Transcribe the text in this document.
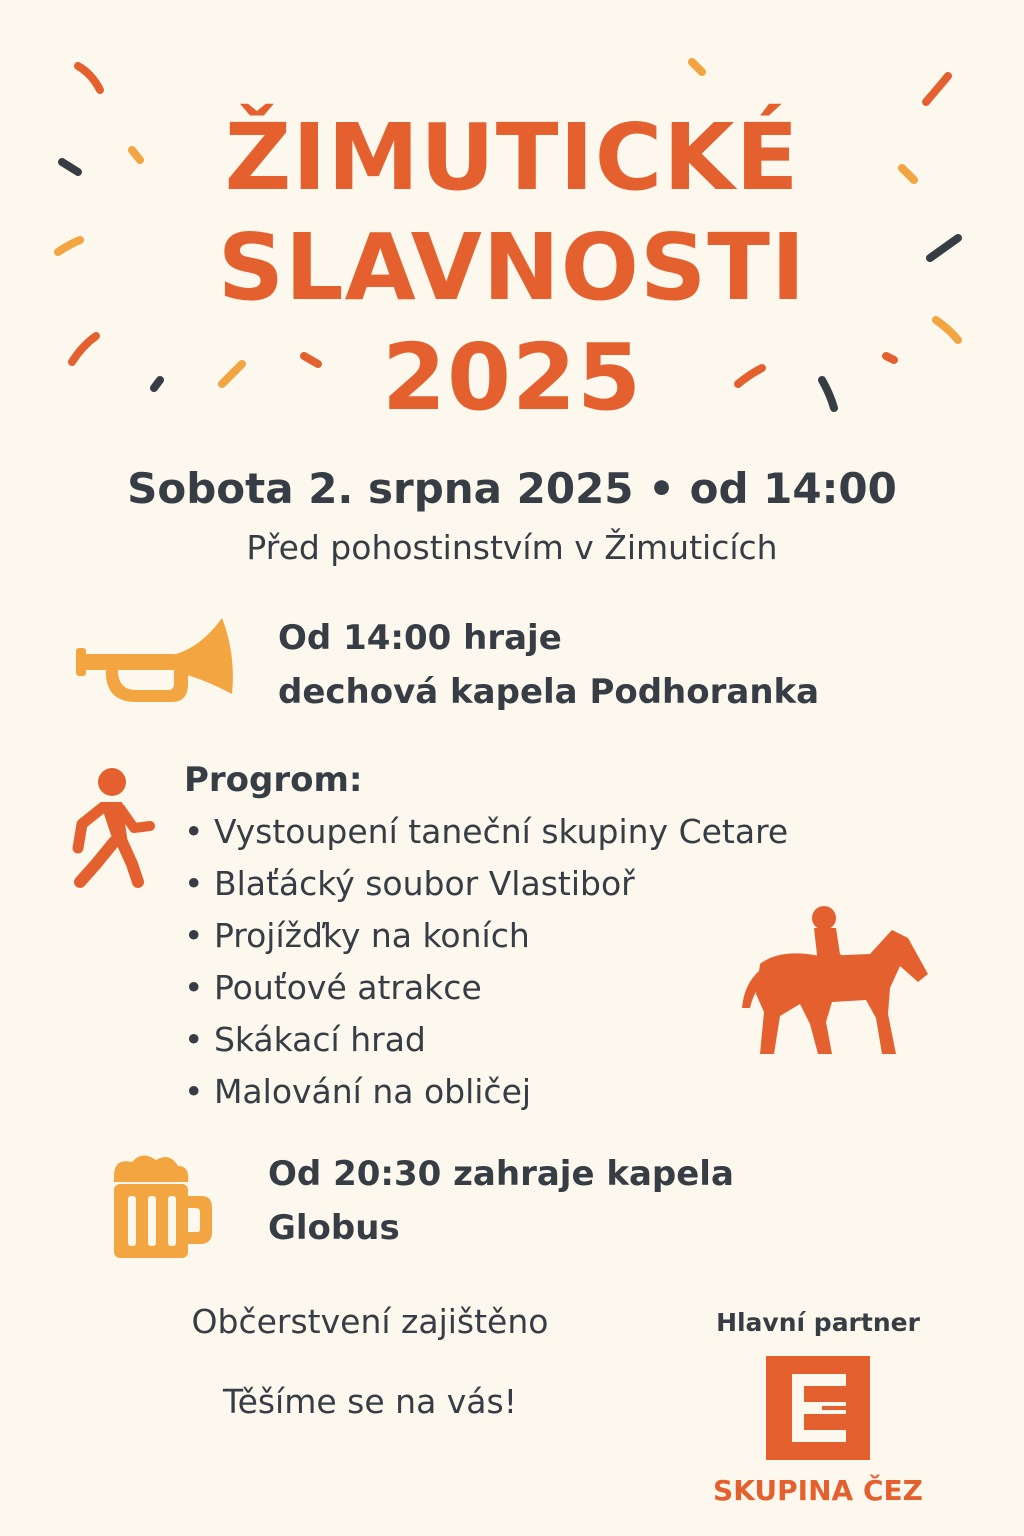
ŽIMUTICKÉ
SLAVNOSTI
2025
Sobota 2. srpna 2025 • od 14:00
Před pohostinstvím v Žimuticích
Od 14:00 hraje
dechová kapela Podhoranka
Progrom:
• Vystoupení taneční skupiny Cetare
• Blaťácký soubor Vlastiboř
• Projížďky na koních
• Pouťové atrakce
• Skákací hrad
• Malování na obličej
Od 20:30 zahraje kapela
Globus
Občerstvení zajištěno
Těšíme se na vás!
Hlavní partner
SKUPINA ČEZ
